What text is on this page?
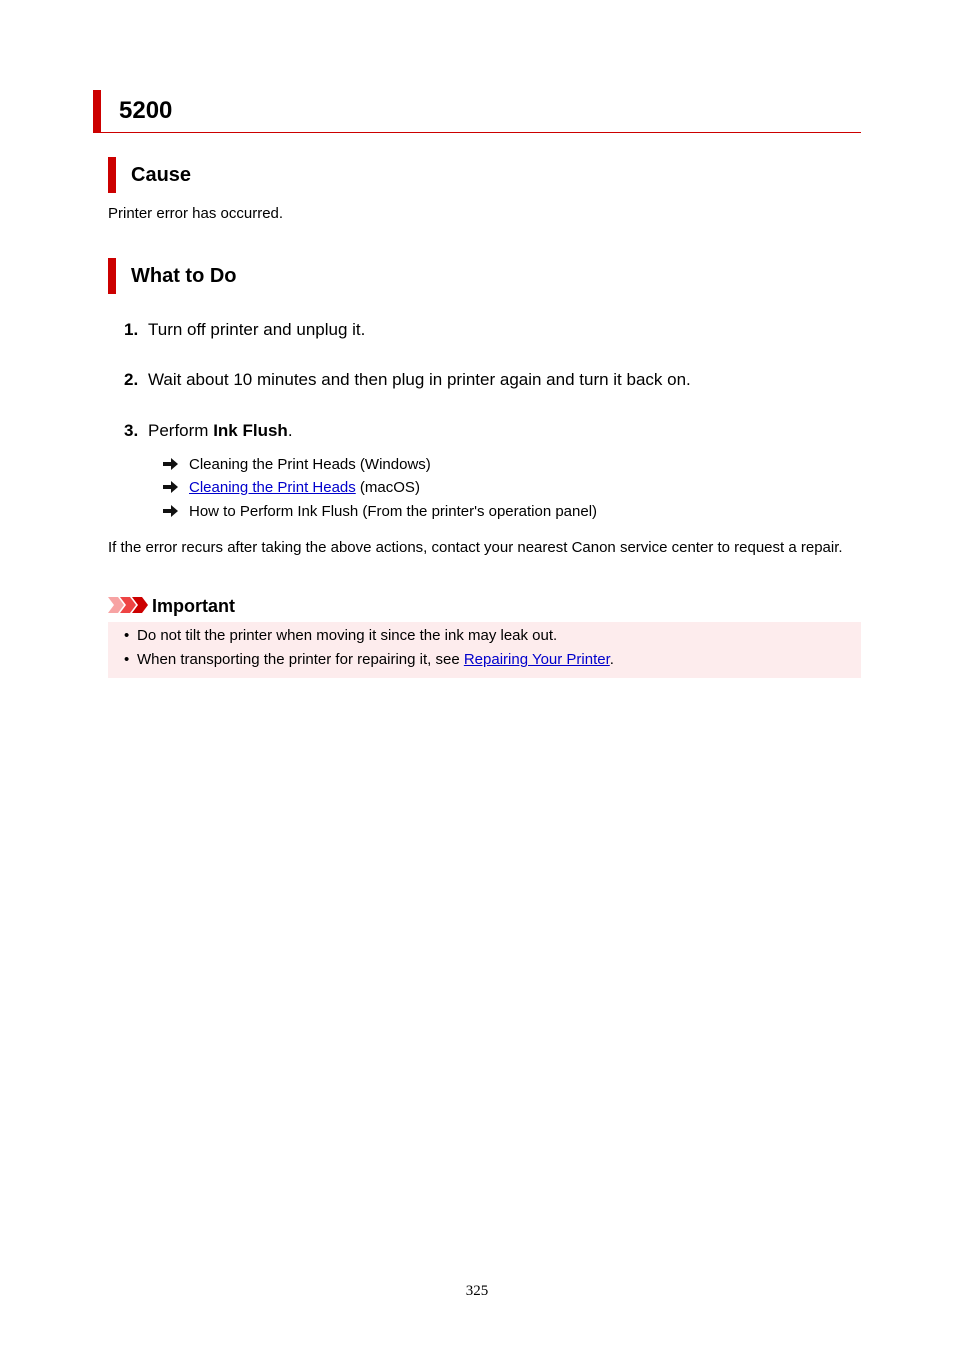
5200
Cause
Printer error has occurred.
What to Do
1. Turn off printer and unplug it.
2. Wait about 10 minutes and then plug in printer again and turn it back on.
3. Perform Ink Flush.
Cleaning the Print Heads (Windows)
Cleaning the Print Heads (macOS)
How to Perform Ink Flush (From the printer's operation panel)
If the error recurs after taking the above actions, contact your nearest Canon service center to request a repair.
Important
• Do not tilt the printer when moving it since the ink may leak out.
• When transporting the printer for repairing it, see Repairing Your Printer.
325
